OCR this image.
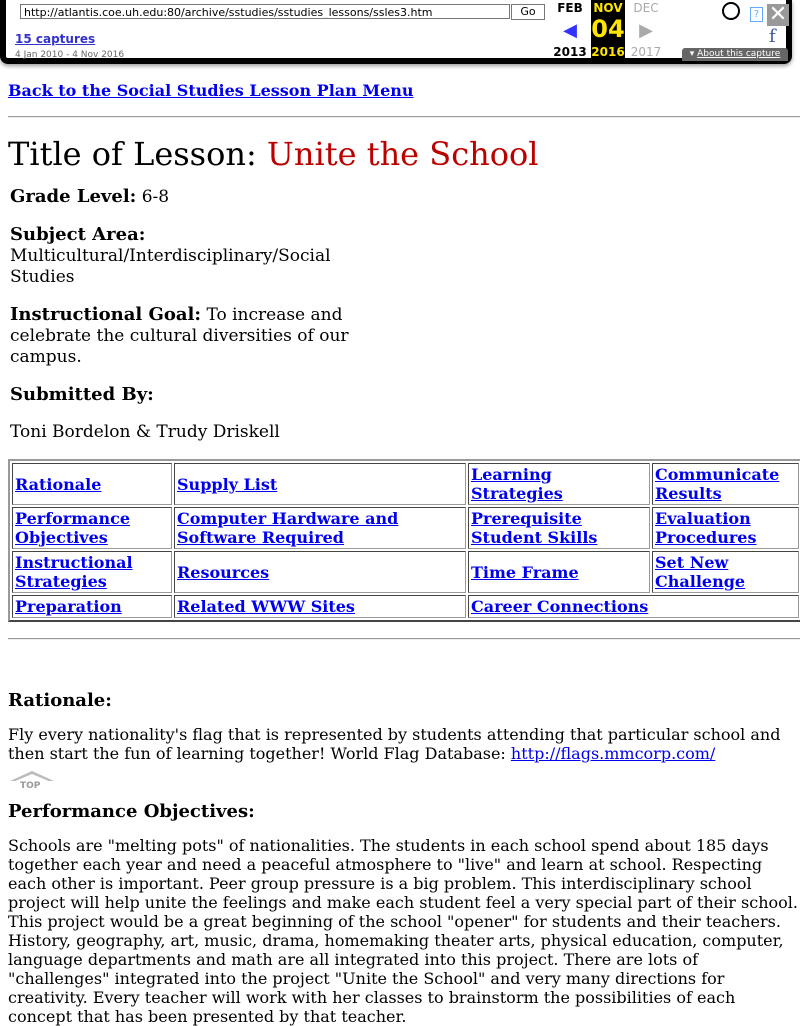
http://atlantis.coe.uh.edu:80/archive/sstudies/sstudies_lessons/ssles3.htm	Go
15 captures
4 Jan 2010 - 4 Nov 2016
FEB
◀
2013
NOV
04
2016
DEC
▶
2017
? ✕
f
▾ About this capture
Back to the Social Studies Lesson Plan Menu
Title of Lesson: Unite the School

Grade Level: 6-8

Subject Area:
Multicultural/Interdisciplinary/Social Studies

Instructional Goal: To increase and celebrate the cultural diversities of our campus.

Submitted By:

Toni Bordelon & Trudy Driskell

Rationale	Supply List	Learning Strategies	Communicate Results
Performance Objectives	Computer Hardware and Software Required	Prerequisite Student Skills	Evaluation Procedures
Instructional Strategies	Resources	Time Frame	Set New Challenge
Preparation	Related WWW Sites	Career Connections	
Rationale:

Fly every nationality's flag that is represented by students attending that particular school and then start the fun of learning together! World Flag Database: http://flags.mmcorp.com/

TOP
Performance Objectives:

Schools are "melting pots" of nationalities. The students in each school spend about 185 days together each year and need a peaceful atmosphere to "live" and learn at school. Respecting each other is important. Peer group pressure is a big problem. This interdisciplinary school project will help unite the feelings and make each student feel a very special part of their school. This project would be a great beginning of the school "opener" for students and their teachers. History, geography, art, music, drama, homemaking theater arts, physical education, computer, language departments and math are all integrated into this project. There are lots of "challenges" integrated into the project "Unite the School" and very many directions for creativity. Every teacher will work with her classes to brainstorm the possibilities of each concept that has been presented by that teacher.
